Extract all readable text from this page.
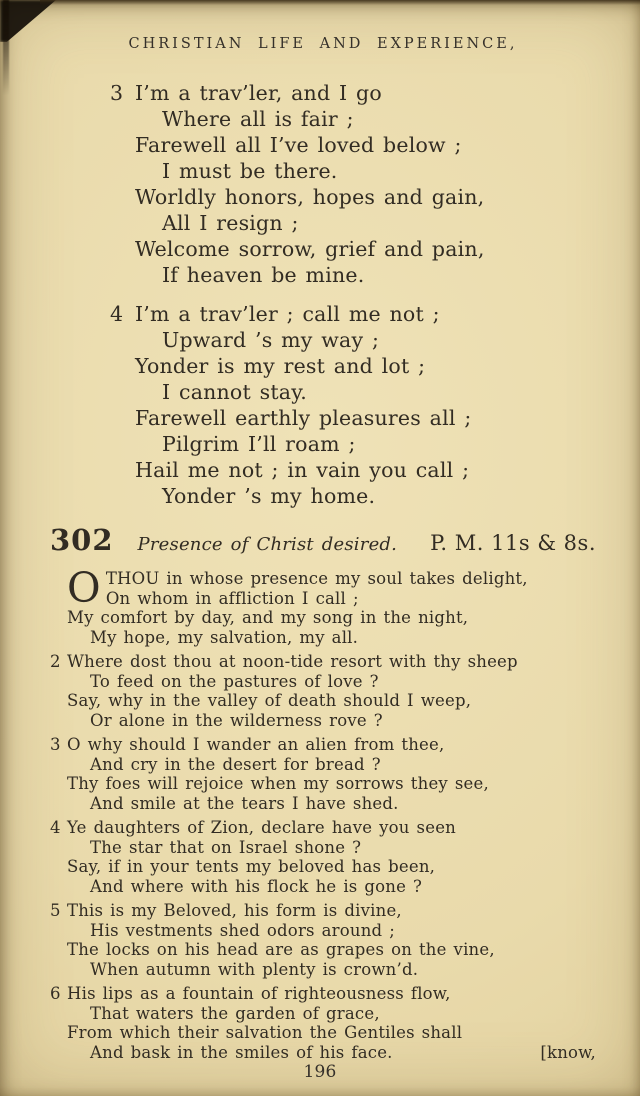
CHRISTIAN LIFE AND EXPERIENCE,
3 I’m a trav’ler, and I go
Where all is fair ;
Farewell all I’ve loved below ;
I must be there.
Worldly honors, hopes and gain,
All I resign ;
Welcome sorrow, grief and pain,
If heaven be mine.
4 I’m a trav’ler ; call me not ;
Upward ’s my way ;
Yonder is my rest and lot ;
I cannot stay.
Farewell earthly pleasures all ;
Pilgrim I’ll roam ;
Hail me not ; in vain you call ;
Yonder ’s my home.
302 Presence of Christ desired. P. M. 11s & 8s.
O THOU in whose presence my soul takes delight,
On whom in affliction I call ;
My comfort by day, and my song in the night,
My hope, my salvation, my all.
2 Where dost thou at noon-tide resort with thy sheep
To feed on the pastures of love ?
Say, why in the valley of death should I weep,
Or alone in the wilderness rove ?
3 O why should I wander an alien from thee,
And cry in the desert for bread ?
Thy foes will rejoice when my sorrows they see,
And smile at the tears I have shed.
4 Ye daughters of Zion, declare have you seen
The star that on Israel shone ?
Say, if in your tents my beloved has been,
And where with his flock he is gone ?
5 This is my Beloved, his form is divine,
His vestments shed odors around ;
The locks on his head are as grapes on the vine,
When autumn with plenty is crown’d.
6 His lips as a fountain of righteousness flow,
That waters the garden of grace,
From which their salvation the Gentiles shall
And bask in the smiles of his face.	[know,
196
